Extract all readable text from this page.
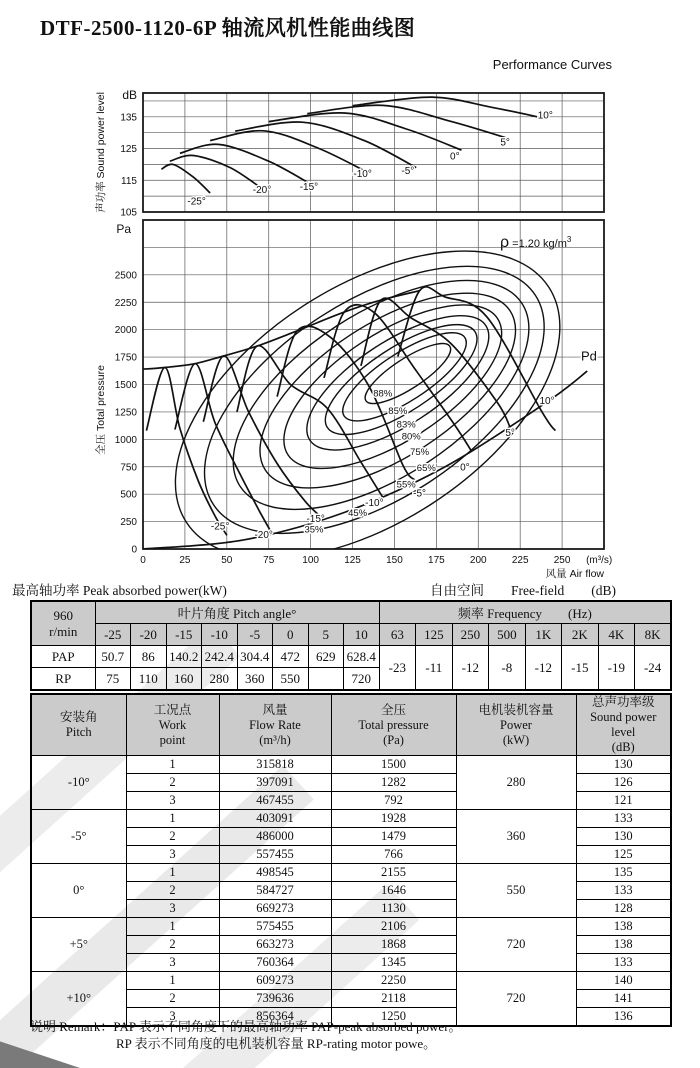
DTF-2500-1120-6P 轴流风机性能曲线图
Performance Curves
105
115
125
135
dB
声功率 Sound power level	-25°
-20°	-15°
-10°	-5°
0°
5°
10°
0
250
500
750
1000
1250
1500
1750
2000
2250
2500
Pa
0	25	50	75	100	125	150	175	200	225	250 (m³/s)
风量 Air flow
全压 Total pressure
ρ =1.20 $kg/m^3$
Pd
88%
85%
83%
80%
75%
65%
55%
45%
35%
-25°
-20°
-15°
-10°
-5°
0°
5°
10°
最高轴功率 Peak absorbed power(kW)	自由空间　　Free-field　　(dB)
960
r/min	叶片角度 Pitch angle°								频率 Frequency　　(Hz)							
	-25	-20	-15	-10	-5	0	5	10	63	125	250	500	1K	2K	4K	8K
PAP	50.7	86	140.2	242.4	304.4	472	629	628.4	-23	-11	-12	-8	-12	-15	-19	-24
RP	75	110	160	280	360	550		720								
安装角
Pitch	工况点
Work
point	风量
Flow Rate
(m³/h)	全压
Total pressure
(Pa)	电机装机容量
Power
(kW)	总声功率级
Sound power level
(dB)
-10°	1	315818	1500	280	130
	2	397091	1282		126
	3	467455	792		121
-5°	1	403091	1928	360	133
	2	486000	1479		130
	3	557455	766		125
0°	1	498545	2155	550	135
	2	584727	1646		133
	3	669273	1130		128
+5°	1	575455	2106	720	138
	2	663273	1868		138
	3	760364	1345		133
+10°	1	609273	2250	720	140
	2	739636	2118		141
	3	856364	1250		136
说明 Remark：PAP 表示不同角度下的最高轴功率 PAP-peak absorbed power。
RP 表示不同角度的电机装机容量 RP-rating motor powe。
